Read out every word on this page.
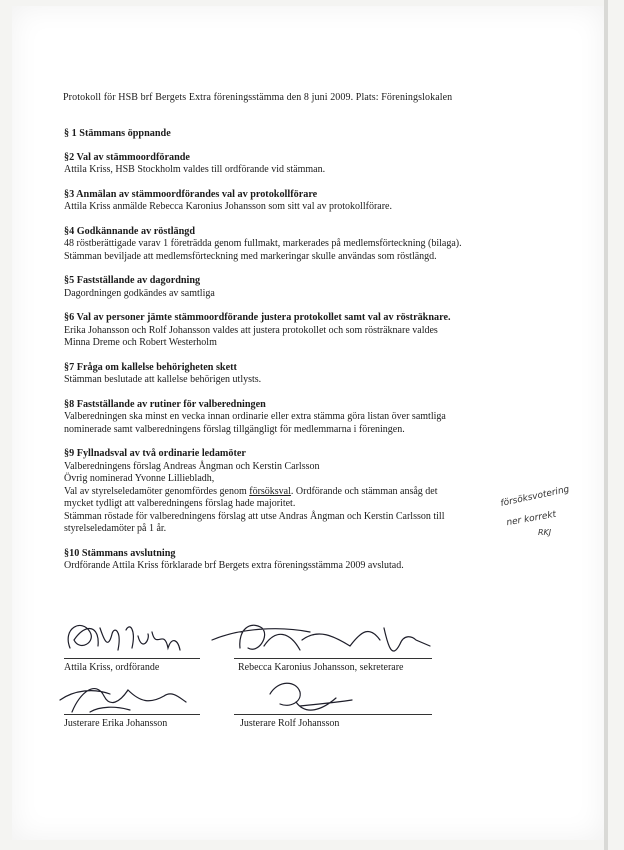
Protokoll för HSB brf Bergets Extra föreningsstämma den 8 juni 2009. Plats: Föreningslokalen
§ 1 Stämmans öppnande
§2 Val av stämmoordförande
Attila Kriss, HSB Stockholm valdes till ordförande vid stämman.
§3 Anmälan av stämmoordförandes val av protokollförare
Attila Kriss anmälde Rebecca Karonius Johansson som sitt val av protokollförare.
§4 Godkännande av röstlängd
48 röstberättigade varav 1 företrädda genom fullmakt, markerades på medlemsförteckning (bilaga).
Stämman beviljade att medlemsförteckning med markeringar skulle användas som röstlängd.
§5 Fastställande av dagordning
Dagordningen godkändes av samtliga
§6 Val av personer jämte stämmoordförande justera protokollet samt val av rösträknare.
Erika Johansson och Rolf Johansson valdes att justera protokollet och som rösträknare valdes
Minna Dreme och Robert Westerholm
§7 Fråga om kallelse behörigheten skett
Stämman beslutade att kallelse behörigen utlysts.
§8 Fastställande av rutiner för valberedningen
Valberedningen ska minst en vecka innan ordinarie eller extra stämma göra listan över samtliga
nominerade samt valberedningens förslag tillgängligt för medlemmarna i föreningen.
§9 Fyllnadsval av två ordinarie ledamöter
Valberedningens förslag Andreas Ångman och Kerstin Carlsson
Övrig nominerad Yvonne Lilliebladh,
Val av styrelseledamöter genomfördes genom försöksval. Ordförande och stämman ansåg det
mycket tydligt att valberedningens förslag hade majoritet.
Stämman röstade för valberedningens förslag att utse Andras Ångman och Kerstin Carlsson till
styrelseledamöter på 1 år.
§10 Stämmans avslutning
Ordförande Attila Kriss förklarade brf Bergets extra föreningsstämma 2009 avslutad.
försöksvotering
ner korrekt
RKJ
Attila Kriss, ordförande	Rebecca Karonius Johansson, sekreterare
Justerare Erika Johansson	Justerare Rolf Johansson
